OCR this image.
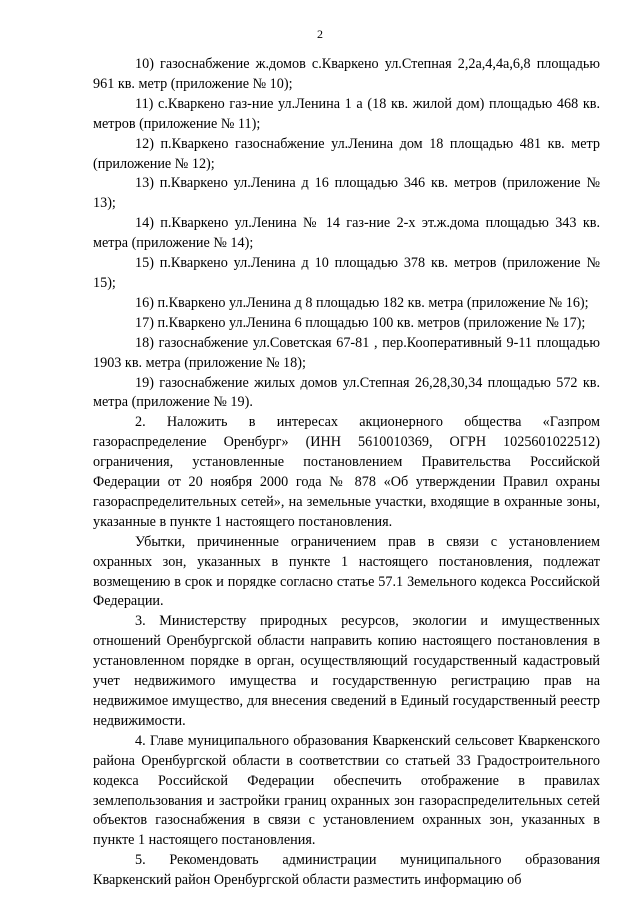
2

10) газоснабжение ж.домов с.Кваркено ул.Степная 2,2а,4,4а,6,8 площадью 961 кв. метр (приложение № 10);

11) с.Кваркено газ-ние ул.Ленина 1 а (18 кв. жилой дом) площадью 468 кв. метров (приложение № 11);

12) п.Кваркено газоснабжение ул.Ленина дом 18 площадью 481 кв. метр (приложение № 12);

13) п.Кваркено ул.Ленина д 16 площадью 346 кв. метров (приложение № 13);

14) п.Кваркено ул.Ленина № 14 газ-ние 2-х эт.ж.дома площадью 343 кв. метра (приложение № 14);

15) п.Кваркено ул.Ленина д 10 площадью 378 кв. метров (приложение № 15);

16) п.Кваркено ул.Ленина д 8 площадью 182 кв. метра (приложение № 16);

17) п.Кваркено ул.Ленина 6 площадью 100 кв. метров (приложение № 17);

18) газоснабжение ул.Советская 67-81 , пер.Кооперативный 9-11 площадью 1903 кв. метра (приложение № 18);

19) газоснабжение жилых домов ул.Степная 26,28,30,34 площадью 572 кв. метра (приложение № 19).

2. Наложить в интересах акционерного общества «Газпром газораспределение Оренбург» (ИНН 5610010369, ОГРН 1025601022512) ограничения, установленные постановлением Правительства Российской Федерации от 20 ноября 2000 года № 878 «Об утверждении Правил охраны газораспределительных сетей», на земельные участки, входящие в охранные зоны, указанные в пункте 1 настоящего постановления.

Убытки, причиненные ограничением прав в связи с установлением охранных зон, указанных в пункте 1 настоящего постановления, подлежат возмещению в срок и порядке согласно статье 57.1 Земельного кодекса Российской Федерации.

3. Министерству природных ресурсов, экологии и имущественных отношений Оренбургской области направить копию настоящего постановления в установленном порядке в орган, осуществляющий государственный кадастровый учет недвижимого имущества и государственную регистрацию прав на недвижимое имущество, для внесения сведений в Единый государственный реестр недвижимости.

4. Главе муниципального образования Кваркенский сельсовет Кваркенского района Оренбургской области в соответствии со статьей 33 Градостроительного кодекса Российской Федерации обеспечить отображение в правилах землепользования и застройки границ охранных зон газораспределительных сетей объектов газоснабжения в связи с установлением охранных зон, указанных в пункте 1 настоящего постановления.

5. Рекомендовать администрации муниципального образования Кваркенский район Оренбургской области разместить информацию об
